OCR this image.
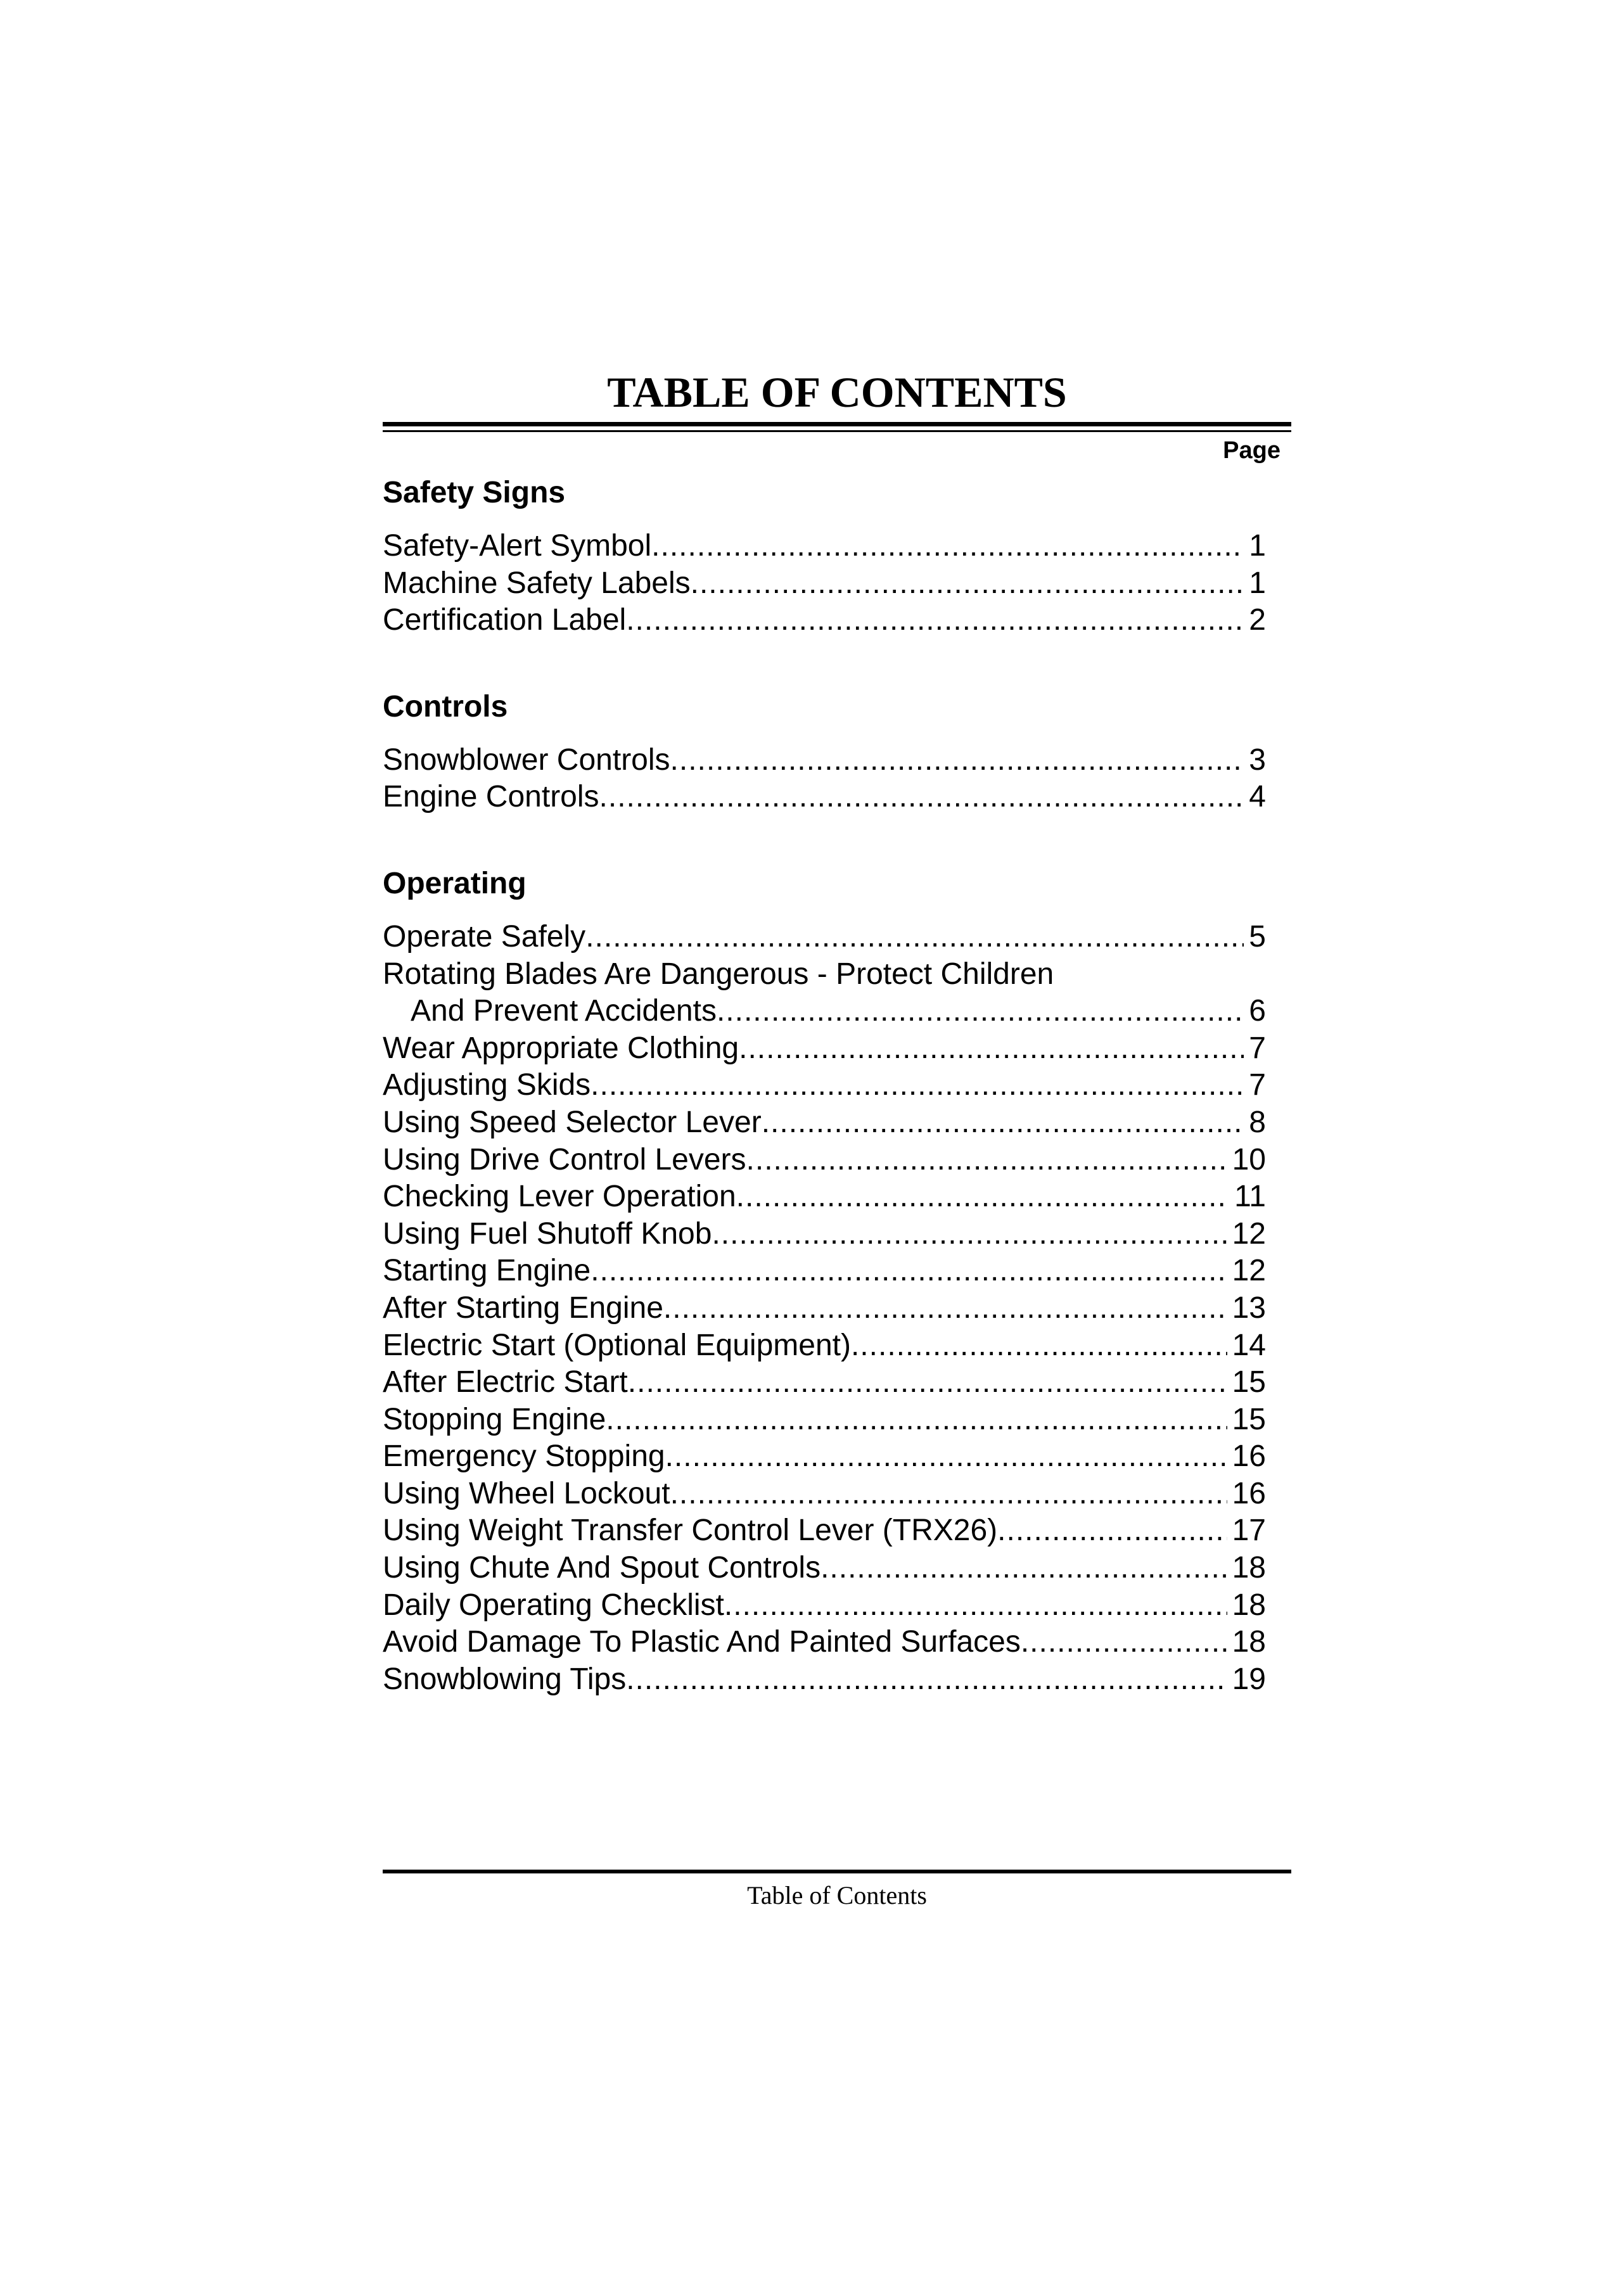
TABLE OF CONTENTS
Page
Safety Signs
Safety-Alert Symbol .....	1
Machine Safety Labels .....	1
Certification Label .....	2
Controls
Snowblower Controls .....	3
Engine Controls .....	4
Operating
Operate Safely .....	5
Rotating Blades Are Dangerous - Protect Children
And Prevent Accidents .....	6
Wear Appropriate Clothing .....	7
Adjusting Skids .....	7
Using Speed Selector Lever .....	8
Using Drive Control Levers .....	10
Checking Lever Operation .....	11
Using Fuel Shutoff Knob .....	12
Starting Engine .....	12
After Starting Engine .....	13
Electric Start (Optional Equipment) .....	14
After Electric Start .....	15
Stopping Engine .....	15
Emergency Stopping .....	16
Using Wheel Lockout .....	16
Using Weight Transfer Control Lever (TRX26) .....	17
Using Chute And Spout Controls .....	18
Daily Operating Checklist .....	18
Avoid Damage To Plastic And Painted Surfaces .....	18
Snowblowing Tips .....	19
Table of Contents
